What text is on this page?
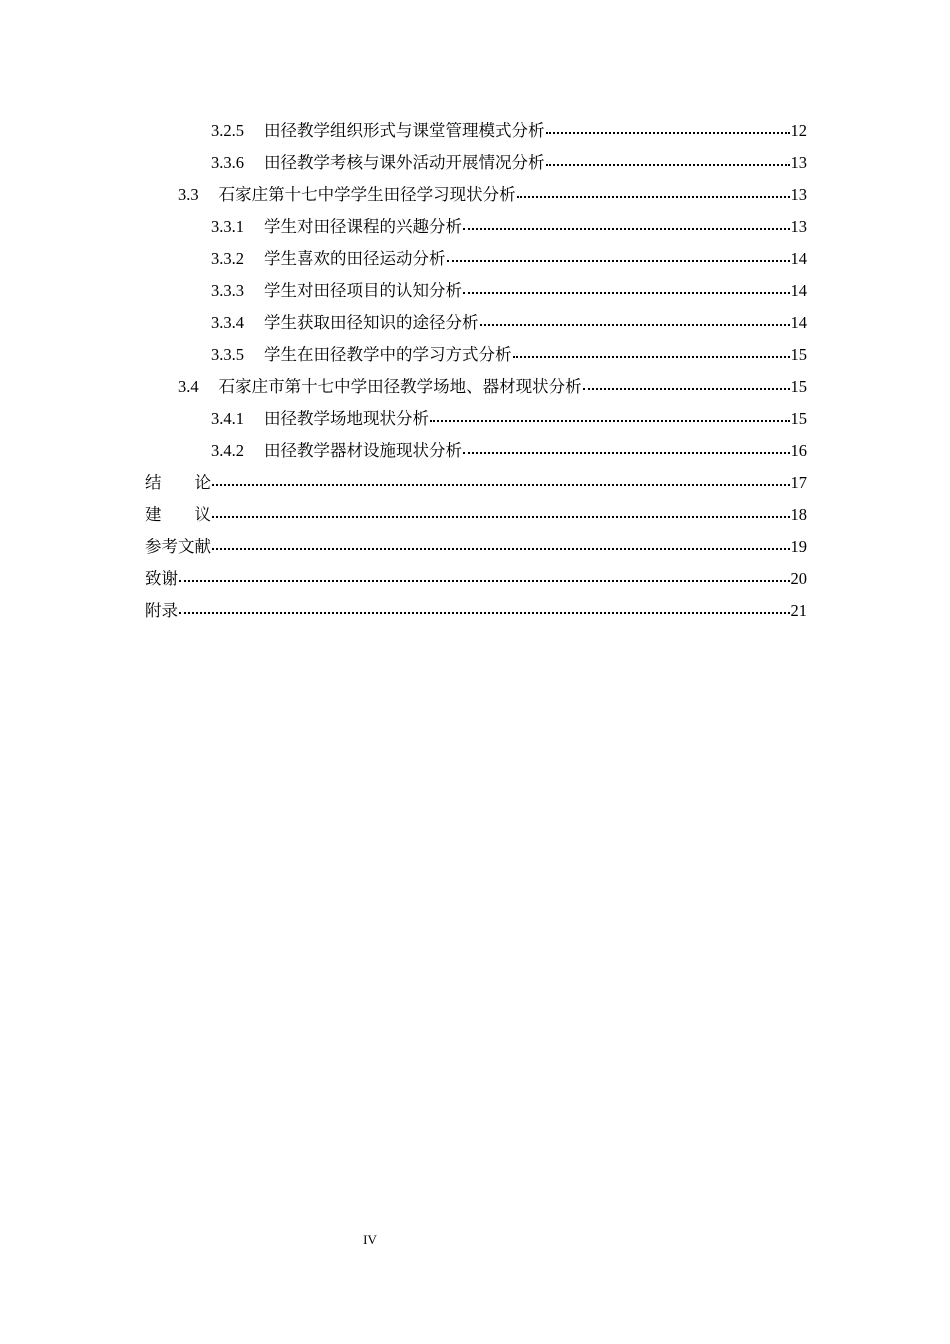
3.2.5 田径教学组织形式与课堂管理模式分析	12
3.3.6 田径教学考核与课外活动开展情况分析	13
3.3 石家庄第十七中学学生田径学习现状分析	13
3.3.1 学生对田径课程的兴趣分析	13
3.3.2 学生喜欢的田径运动分析	14
3.3.3 学生对田径项目的认知分析	14
3.3.4 学生获取田径知识的途径分析	14
3.3.5 学生在田径教学中的学习方式分析	15
3.4 石家庄市第十七中学田径教学场地、器材现状分析	15
3.4.1 田径教学场地现状分析	15
3.4.2 田径教学器材设施现状分析	16
结　　论	17
建　　议	18
参考文献	19
致谢	20
附录	21
IV
